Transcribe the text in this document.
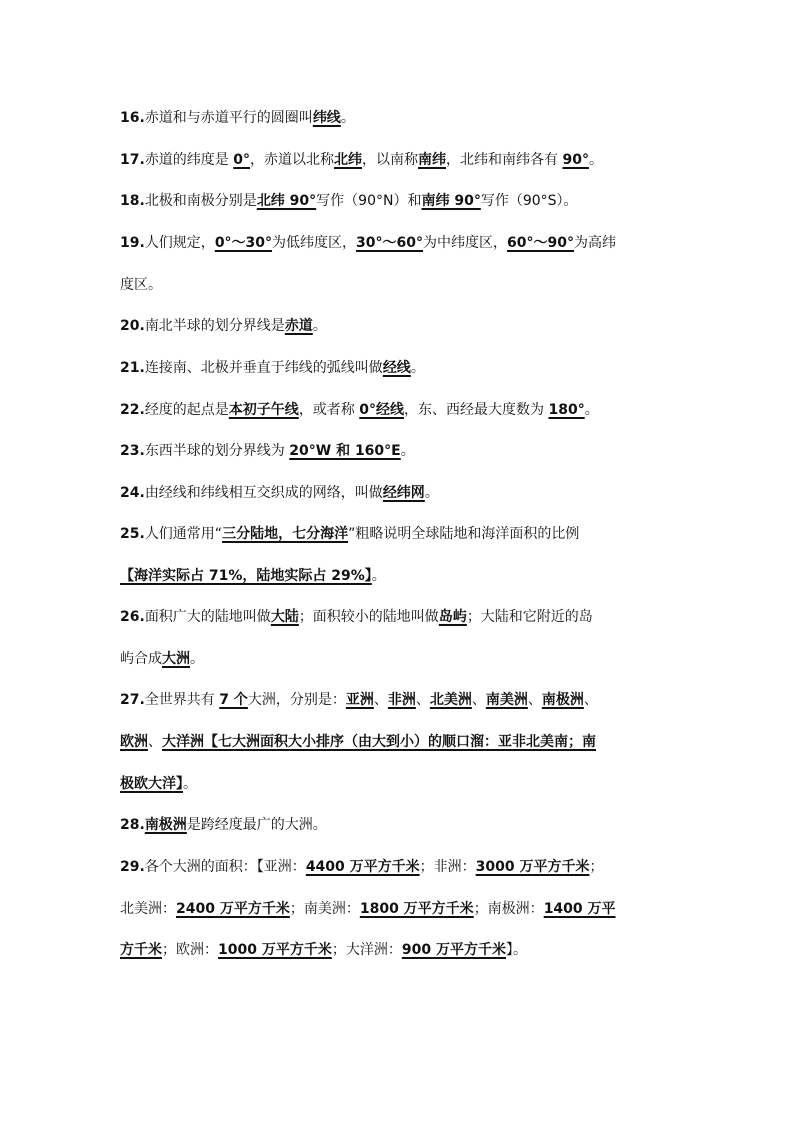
16.赤道和与赤道平行的圆圈叫纬线。
17.赤道的纬度是 0°，赤道以北称北纬，以南称南纬，北纬和南纬各有 90°。
18.北极和南极分别是北纬 90°写作（90°N）和南纬 90°写作（90°S）。
19.人们规定，0°～30°为低纬度区，30°～60°为中纬度区，60°～90°为高纬
度区。
20.南北半球的划分界线是赤道。
21.连接南、北极并垂直于纬线的弧线叫做经线。
22.经度的起点是本初子午线，或者称 0°经线，东、西经最大度数为 180°。
23.东西半球的划分界线为 20°W 和 160°E。
24.由经线和纬线相互交织成的网络，叫做经纬网。
25.人们通常用“三分陆地，七分海洋”粗略说明全球陆地和海洋面积的比例
【海洋实际占 71%，陆地实际占 29%】。
26.面积广大的陆地叫做大陆；面积较小的陆地叫做岛屿；大陆和它附近的岛
屿合成大洲。
27.全世界共有 7 个大洲，分别是：亚洲、非洲、北美洲、南美洲、南极洲、
欧洲、大洋洲【七大洲面积大小排序（由大到小）的顺口溜：亚非北美南；南
极欧大洋】。
28.南极洲是跨经度最广的大洲。
29.各个大洲的面积：【亚洲：4400 万平方千米；非洲：3000 万平方千米；
北美洲：2400 万平方千米；南美洲：1800 万平方千米；南极洲：1400 万平
方千米；欧洲：1000 万平方千米；大洋洲：900 万平方千米】。
